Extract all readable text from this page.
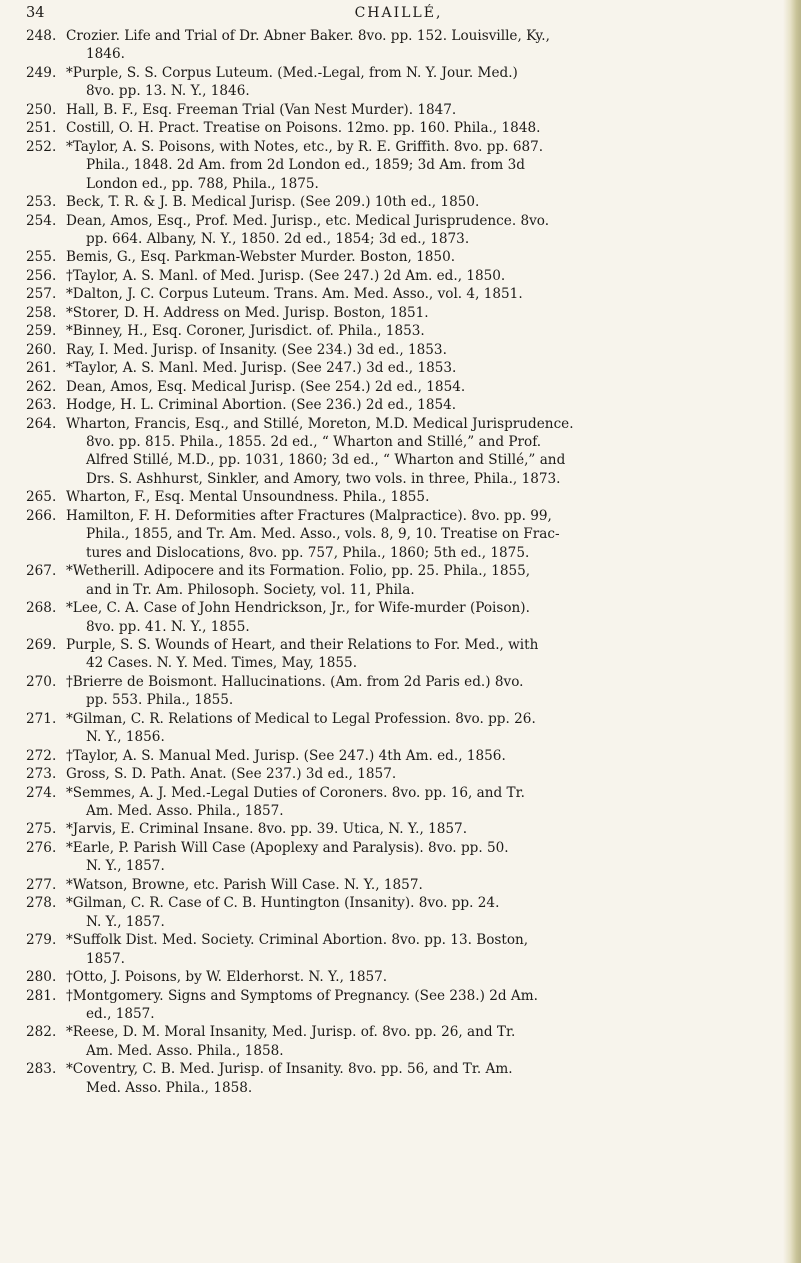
34	CHAILLÉ,
248. Crozier. Life and Trial of Dr. Abner Baker. 8vo. pp. 152. Louisville, Ky.,
1846.
249. *Purple, S. S. Corpus Luteum. (Med.-Legal, from N. Y. Jour. Med.)
8vo. pp. 13. N. Y., 1846.
250. Hall, B. F., Esq. Freeman Trial (Van Nest Murder). 1847.
251. Costill, O. H. Pract. Treatise on Poisons. 12mo. pp. 160. Phila., 1848.
252. *Taylor, A. S. Poisons, with Notes, etc., by R. E. Griffith. 8vo. pp. 687.
Phila., 1848. 2d Am. from 2d London ed., 1859; 3d Am. from 3d
London ed., pp. 788, Phila., 1875.
253. Beck, T. R. & J. B. Medical Jurisp. (See 209.) 10th ed., 1850.
254. Dean, Amos, Esq., Prof. Med. Jurisp., etc. Medical Jurisprudence. 8vo.
pp. 664. Albany, N. Y., 1850. 2d ed., 1854; 3d ed., 1873.
255. Bemis, G., Esq. Parkman-Webster Murder. Boston, 1850.
256. †Taylor, A. S. Manl. of Med. Jurisp. (See 247.) 2d Am. ed., 1850.
257. *Dalton, J. C. Corpus Luteum. Trans. Am. Med. Asso., vol. 4, 1851.
258. *Storer, D. H. Address on Med. Jurisp. Boston, 1851.
259. *Binney, H., Esq. Coroner, Jurisdict. of. Phila., 1853.
260. Ray, I. Med. Jurisp. of Insanity. (See 234.) 3d ed., 1853.
261. *Taylor, A. S. Manl. Med. Jurisp. (See 247.) 3d ed., 1853.
262. Dean, Amos, Esq. Medical Jurisp. (See 254.) 2d ed., 1854.
263. Hodge, H. L. Criminal Abortion. (See 236.) 2d ed., 1854.
264. Wharton, Francis, Esq., and Stillé, Moreton, M.D. Medical Jurisprudence.
8vo. pp. 815. Phila., 1855. 2d ed., “ Wharton and Stillé,” and Prof.
Alfred Stillé, M.D., pp. 1031, 1860; 3d ed., “ Wharton and Stillé,” and
Drs. S. Ashhurst, Sinkler, and Amory, two vols. in three, Phila., 1873.
265. Wharton, F., Esq. Mental Unsoundness. Phila., 1855.
266. Hamilton, F. H. Deformities after Fractures (Malpractice). 8vo. pp. 99,
Phila., 1855, and Tr. Am. Med. Asso., vols. 8, 9, 10. Treatise on Frac-
tures and Dislocations, 8vo. pp. 757, Phila., 1860; 5th ed., 1875.
267. *Wetherill. Adipocere and its Formation. Folio, pp. 25. Phila., 1855,
and in Tr. Am. Philosoph. Society, vol. 11, Phila.
268. *Lee, C. A. Case of John Hendrickson, Jr., for Wife-murder (Poison).
8vo. pp. 41. N. Y., 1855.
269. Purple, S. S. Wounds of Heart, and their Relations to For. Med., with
42 Cases. N. Y. Med. Times, May, 1855.
270. †Brierre de Boismont. Hallucinations. (Am. from 2d Paris ed.) 8vo.
pp. 553. Phila., 1855.
271. *Gilman, C. R. Relations of Medical to Legal Profession. 8vo. pp. 26.
N. Y., 1856.
272. †Taylor, A. S. Manual Med. Jurisp. (See 247.) 4th Am. ed., 1856.
273. Gross, S. D. Path. Anat. (See 237.) 3d ed., 1857.
274. *Semmes, A. J. Med.-Legal Duties of Coroners. 8vo. pp. 16, and Tr.
Am. Med. Asso. Phila., 1857.
275. *Jarvis, E. Criminal Insane. 8vo. pp. 39. Utica, N. Y., 1857.
276. *Earle, P. Parish Will Case (Apoplexy and Paralysis). 8vo. pp. 50.
N. Y., 1857.
277. *Watson, Browne, etc. Parish Will Case. N. Y., 1857.
278. *Gilman, C. R. Case of C. B. Huntington (Insanity). 8vo. pp. 24.
N. Y., 1857.
279. *Suffolk Dist. Med. Society. Criminal Abortion. 8vo. pp. 13. Boston,
1857.
280. †Otto, J. Poisons, by W. Elderhorst. N. Y., 1857.
281. †Montgomery. Signs and Symptoms of Pregnancy. (See 238.) 2d Am.
ed., 1857.
282. *Reese, D. M. Moral Insanity, Med. Jurisp. of. 8vo. pp. 26, and Tr.
Am. Med. Asso. Phila., 1858.
283. *Coventry, C. B. Med. Jurisp. of Insanity. 8vo. pp. 56, and Tr. Am.
Med. Asso. Phila., 1858.
